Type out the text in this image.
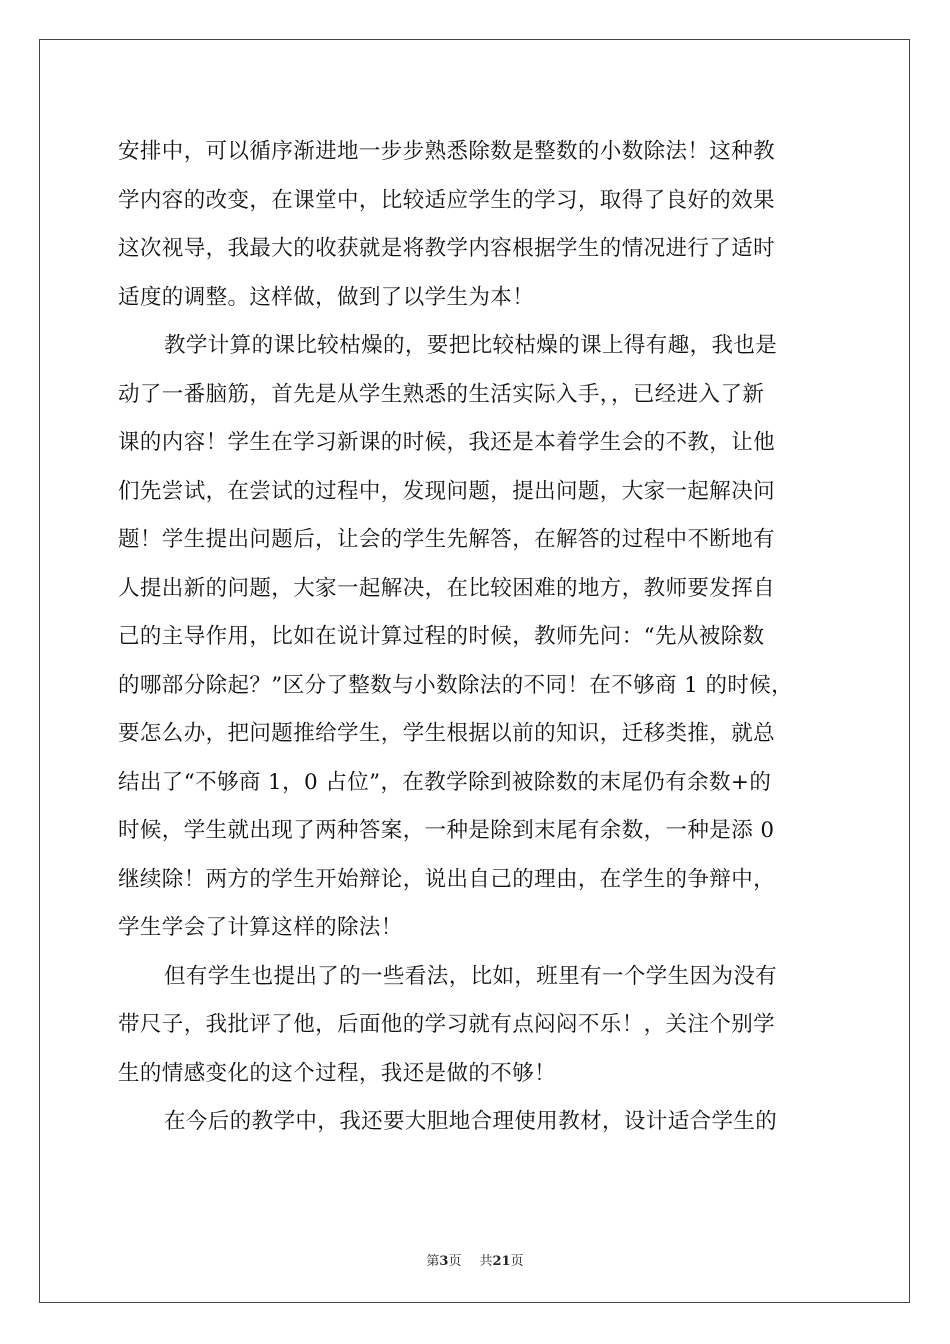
安排中，可以循序渐进地一步步熟悉除数是整数的小数除法！这种教
学内容的改变，在课堂中，比较适应学生的学习，取得了良好的效果
这次视导，我最大的收获就是将教学内容根据学生的情况进行了适时
适度的调整。这样做，做到了以学生为本！
教学计算的课比较枯燥的，要把比较枯燥的课上得有趣，我也是
动了一番脑筋，首先是从学生熟悉的生活实际入手，，已经进入了新
课的内容！学生在学习新课的时候，我还是本着学生会的不教，让他
们先尝试，在尝试的过程中，发现问题，提出问题，大家一起解决问
题！学生提出问题后，让会的学生先解答，在解答的过程中不断地有
人提出新的问题，大家一起解决，在比较困难的地方，教师要发挥自
己的主导作用，比如在说计算过程的时候，教师先问：“先从被除数
的哪部分除起？”区分了整数与小数除法的不同！在不够商 1 的时候，
要怎么办，把问题推给学生，学生根据以前的知识，迁移类推，就总
结出了“不够商 1，0 占位”，在教学除到被除数的末尾仍有余数+的
时候，学生就出现了两种答案，一种是除到末尾有余数，一种是添 0
继续除！两方的学生开始辩论，说出自己的理由，在学生的争辩中，
学生学会了计算这样的除法！
但有学生也提出了的一些看法，比如，班里有一个学生因为没有
带尺子，我批评了他，后面他的学习就有点闷闷不乐！，关注个别学
生的情感变化的这个过程，我还是做的不够！
在今后的教学中，我还要大胆地合理使用教材，设计适合学生的
第3页 共21页
